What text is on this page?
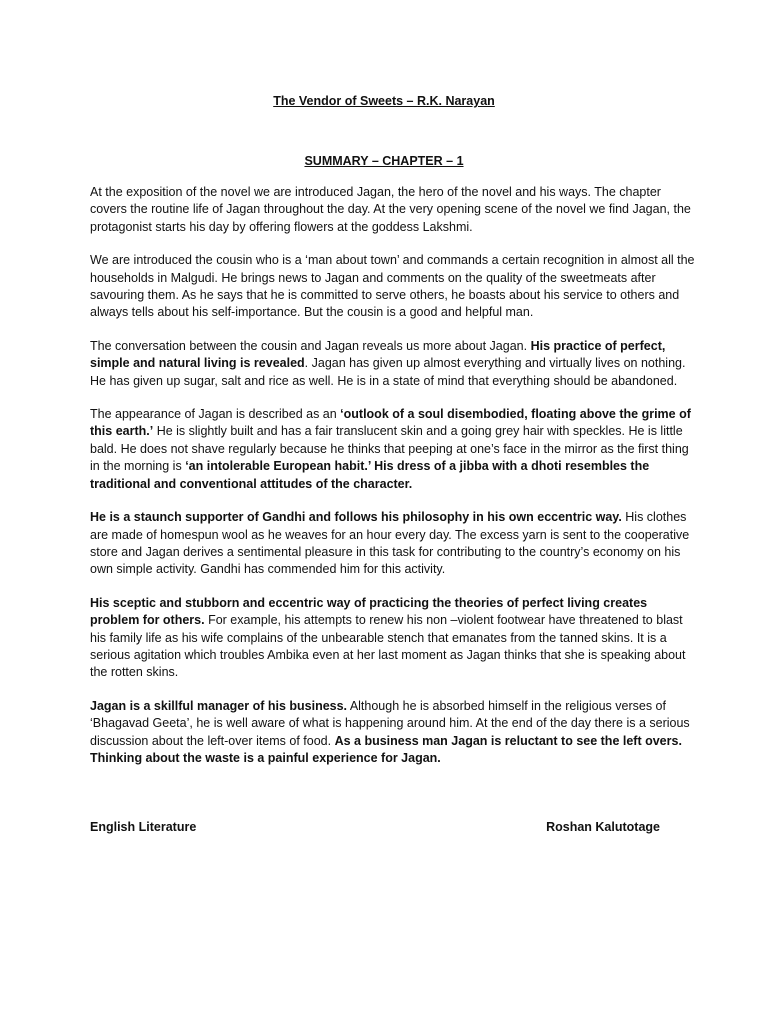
The Vendor of Sweets – R.K. Narayan
SUMMARY – CHAPTER – 1

At the exposition of the novel we are introduced Jagan, the hero of the novel and his ways. The chapter covers the routine life of Jagan throughout the day. At the very opening scene of the novel we find Jagan, the protagonist starts his day by offering flowers at the goddess Lakshmi.

We are introduced the cousin who is a ‘man about town’ and commands a certain recognition in almost all the households in Malgudi. He brings news to Jagan and comments on the quality of the sweetmeats after savouring them. As he says that he is committed to serve others, he boasts about his service to others and always tells about his self-importance. But the cousin is a good and helpful man.

The conversation between the cousin and Jagan reveals us more about Jagan. His practice of perfect, simple and natural living is revealed. Jagan has given up almost everything and virtually lives on nothing. He has given up sugar, salt and rice as well. He is in a state of mind that everything should be abandoned.

The appearance of Jagan is described as an ‘outlook of a soul disembodied, floating above the grime of this earth.’ He is slightly built and has a fair translucent skin and a going grey hair with speckles. He is little bald. He does not shave regularly because he thinks that peeping at one’s face in the mirror as the first thing in the morning is ‘an intolerable European habit.’ His dress of a jibba with a dhoti resembles the traditional and conventional attitudes of the character.

He is a staunch supporter of Gandhi and follows his philosophy in his own eccentric way. His clothes are made of homespun wool as he weaves for an hour every day. The excess yarn is sent to the cooperative store and Jagan derives a sentimental pleasure in this task for contributing to the country’s economy on his own simple activity. Gandhi has commended him for this activity.

His sceptic and stubborn and eccentric way of practicing the theories of perfect living creates problem for others. For example, his attempts to renew his non –violent footwear have threatened to blast his family life as his wife complains of the unbearable stench that emanates from the tanned skins. It is a serious agitation which troubles Ambika even at her last moment as Jagan thinks that she is speaking about the rotten skins.

Jagan is a skillful manager of his business. Although he is absorbed himself in the religious verses of ‘Bhagavad Geeta’, he is well aware of what is happening around him. At the end of the day there is a serious discussion about the left-over items of food. As a business man Jagan is reluctant to see the left overs. Thinking about the waste is a painful experience for Jagan.

English Literature	Roshan Kalutotage
